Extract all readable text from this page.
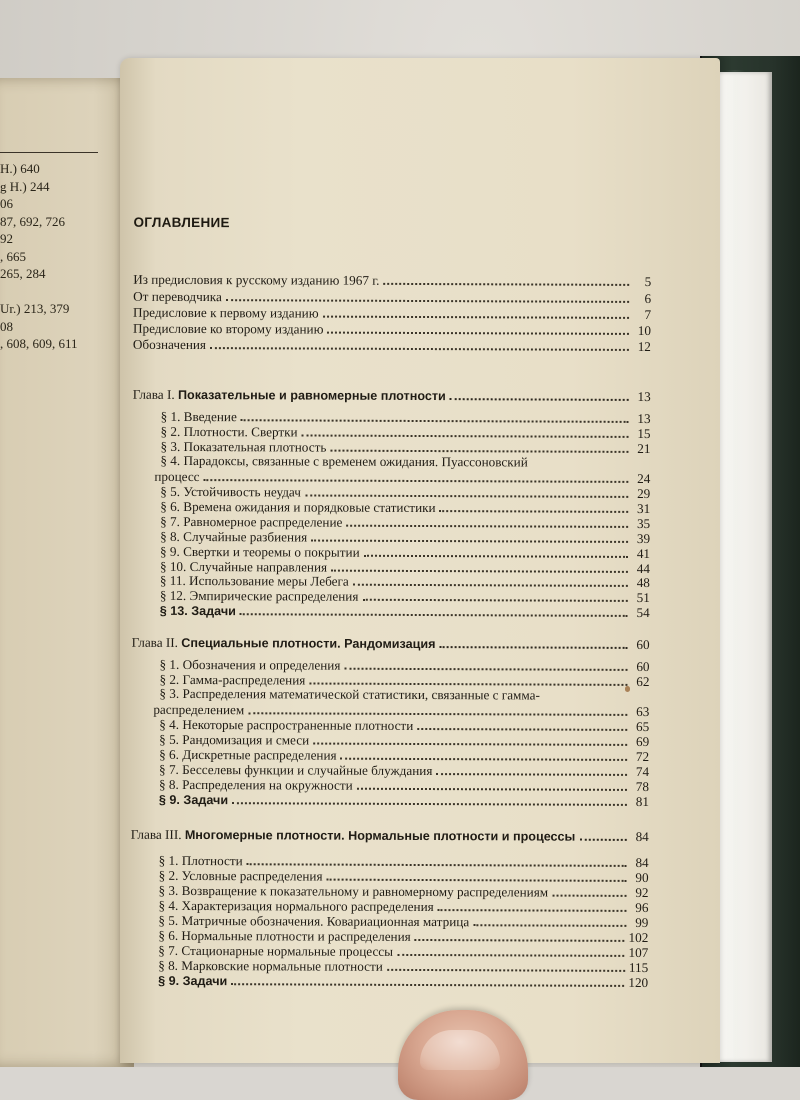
Н.) 640
g H.) 244
06
87, 692, 726
92
, 665
265, 284
Ur.) 213, 379
08
, 608, 609, 611
ОГЛАВЛЕНИЕ
Из предисловия к русскому изданию 1967 г.	5
От переводчика	6
Предисловие к первому изданию	7
Предисловие ко второму изданию	10
Обозначения	12
Глава I. Показательные и равномерные плотности	13
§ 1. Введение	13
§ 2. Плотности. Свертки	15
§ 3. Показательная плотность	21
§ 4. Парадоксы, связанные с временем ожидания. Пуассоновский
процесс	24
§ 5. Устойчивость неудач	29
§ 6. Времена ожидания и порядковые статистики	31
§ 7. Равномерное распределение	35
§ 8. Случайные разбиения	39
§ 9. Свертки и теоремы о покрытии	41
§ 10. Случайные направления	44
§ 11. Использование меры Лебега	48
§ 12. Эмпирические распределения	51
§ 13. Задачи	54
Глава II. Специальные плотности. Рандомизация	60
§ 1. Обозначения и определения	60
§ 2. Гамма-распределения	62
§ 3. Распределения математической статистики, связанные с гамма-
распределением	63
§ 4. Некоторые распространенные плотности	65
§ 5. Рандомизация и смеси	69
§ 6. Дискретные распределения	72
§ 7. Бесселевы функции и случайные блуждания	74
§ 8. Распределения на окружности	78
§ 9. Задачи	81
Глава III. Многомерные плотности. Нормальные плотности и процессы	84
§ 1. Плотности	84
§ 2. Условные распределения	90
§ 3. Возвращение к показательному и равномерному распределениям	92
§ 4. Характеризация нормального распределения	96
§ 5. Матричные обозначения. Ковариационная матрица	99
§ 6. Нормальные плотности и распределения	102
§ 7. Стационарные нормальные процессы	107
§ 8. Марковские нормальные плотности	115
§ 9. Задачи	120
